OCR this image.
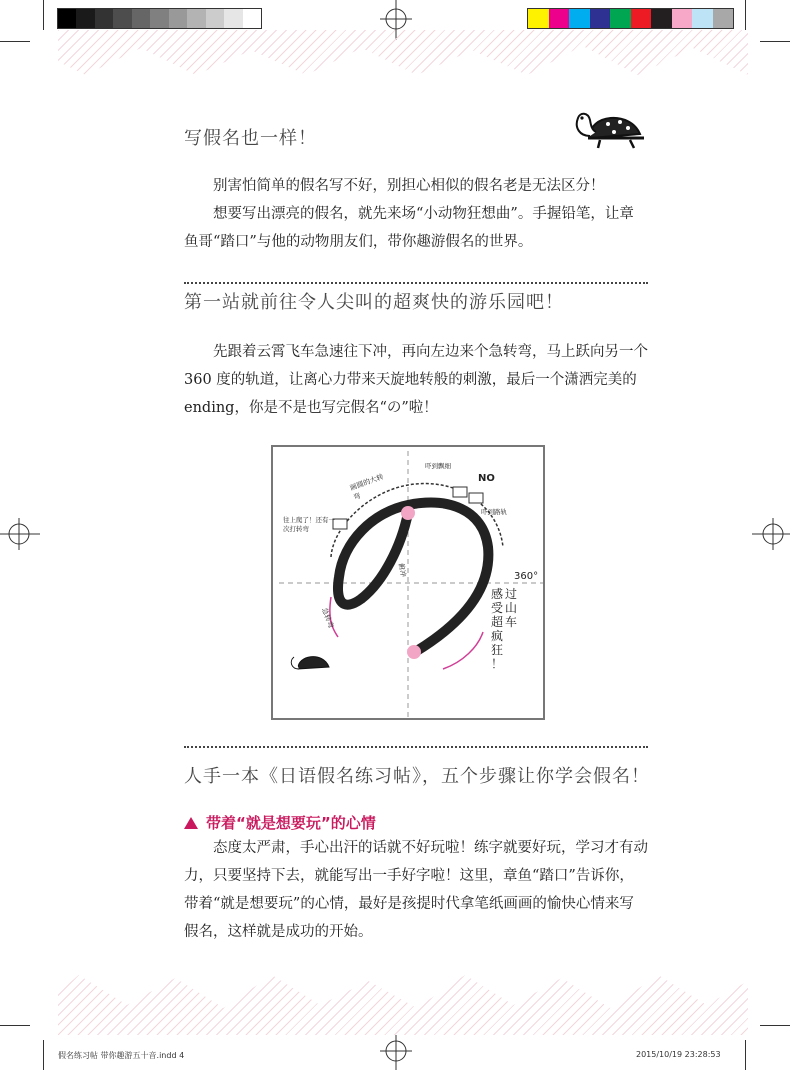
写假名也一样！

别害怕简单的假名写不好，别担心相似的假名老是无法区分！

想要写出漂亮的假名，就先来场“小动物狂想曲”。手握铅笔，让章鱼哥“踏口”与他的动物朋友们，带你趣游假名的世界。

第一站就前往令人尖叫的超爽快的游乐园吧！

先跟着云霄飞车急速往下冲，再向左边来个急转弯，马上跃向另一个 360 度的轨道，让离心力带来天旋地转般的刺激，最后一个潇洒完美的 ending，你是不是也写完假名“の”啦！

画圆的大转弯
往上爬了！还有一次打转弯
吓到飘细
NO
吓到路轨
360°
俯冲
急转弯
感
受
超
疯
狂
！
过
山
车
人手一本《日语假名练习帖》，五个步骤让你学会假名！

带着“就是想要玩”的心情

态度太严肃，手心出汗的话就不好玩啦！练字就要好玩，学习才有动力，只要坚持下去，就能写出一手好字啦！这里，章鱼“踏口”告诉你，带着“就是想要玩”的心情，最好是孩提时代拿笔纸画画的愉快心情来写假名，这样就是成功的开始。

假名练习帖 带你趣游五十音.indd 4	2015/10/19 23:28:53
